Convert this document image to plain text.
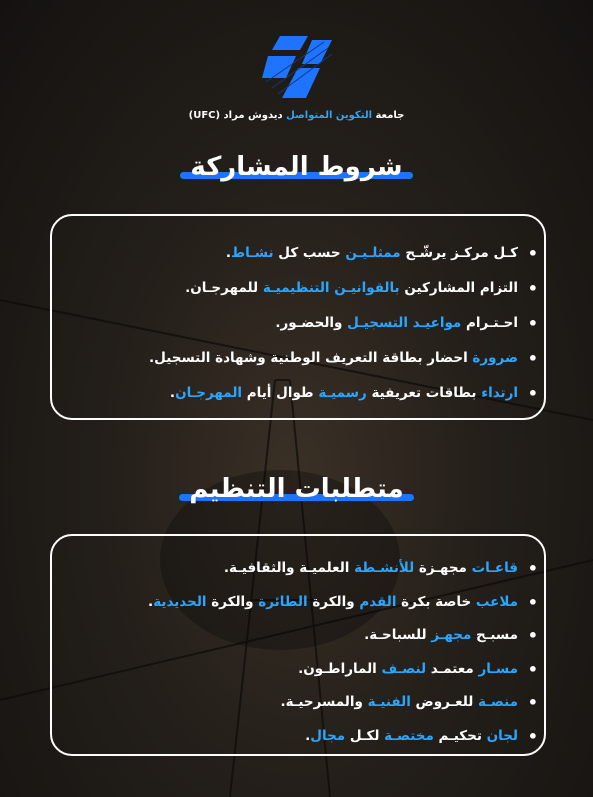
جامعة التكوين المتواصل ديدوش مراد (UFC)
شروط المشاركة
• كـل مركـز يرشّـح ممثلـيـن حسب كل نشـاط.
• التزام المشاركين بالقوانيـن التنظيميـة للمهرجـان.
• احـتـرام مواعيـد التسجيـل والحضـور.
• ضرورة احضار بطاقة التعريف الوطنية وشهادة التسجيل.
• ارتداء بطاقات تعريفية رسميـة طوال أيام المهرجـان.
متطلبات التنظيم
• قاعـات مجهـزة للأنشـطة العلميـة والثقافيـة.
• ملاعب خاصة بكرة القدم والكرة الطائرة والكرة الحديدية.
• مسبـح مجهـز للسباحـة.
• مسـار معتمـد لنصـف الماراطـون.
• منصـة للعـروض الفنيـة والمسرحيـة.
• لجان تحكيـم مختصـة لكـل مجال.
